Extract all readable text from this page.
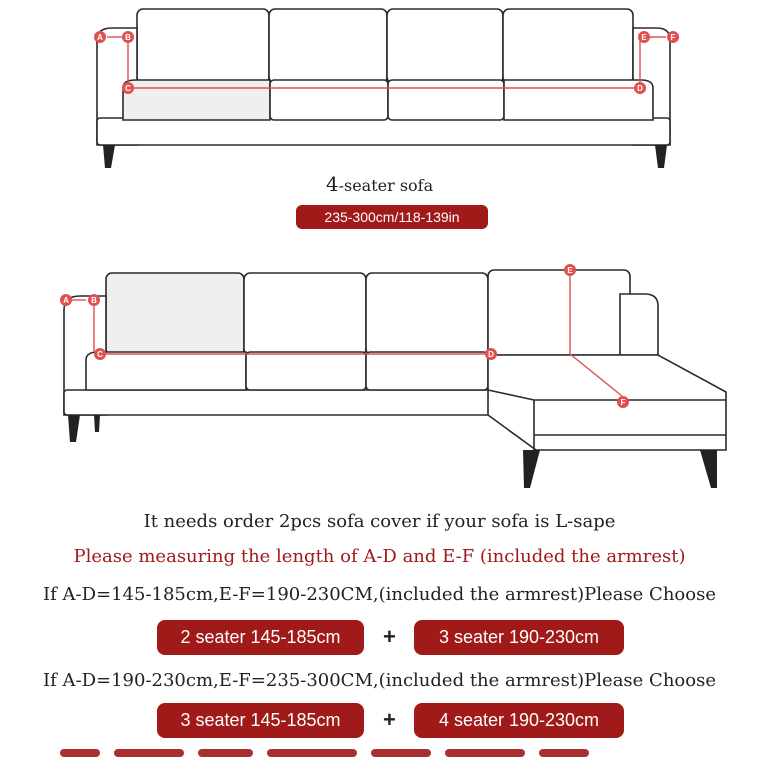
A	B
C	D
E	F
4-seater sofa
235-300cm/118-139in
A	B
C	D
E
F
It needs order 2pcs sofa cover if your sofa is L-sape
Please measuring the length of A-D and E-F (included the armrest)
If A-D=145-185cm,E-F=190-230CM,(included the armrest)Please Choose
2 seater 145-185cm	+	3 seater 190-230cm
If A-D=190-230cm,E-F=235-300CM,(included the armrest)Please Choose
3 seater 145-185cm	+	4 seater 190-230cm
